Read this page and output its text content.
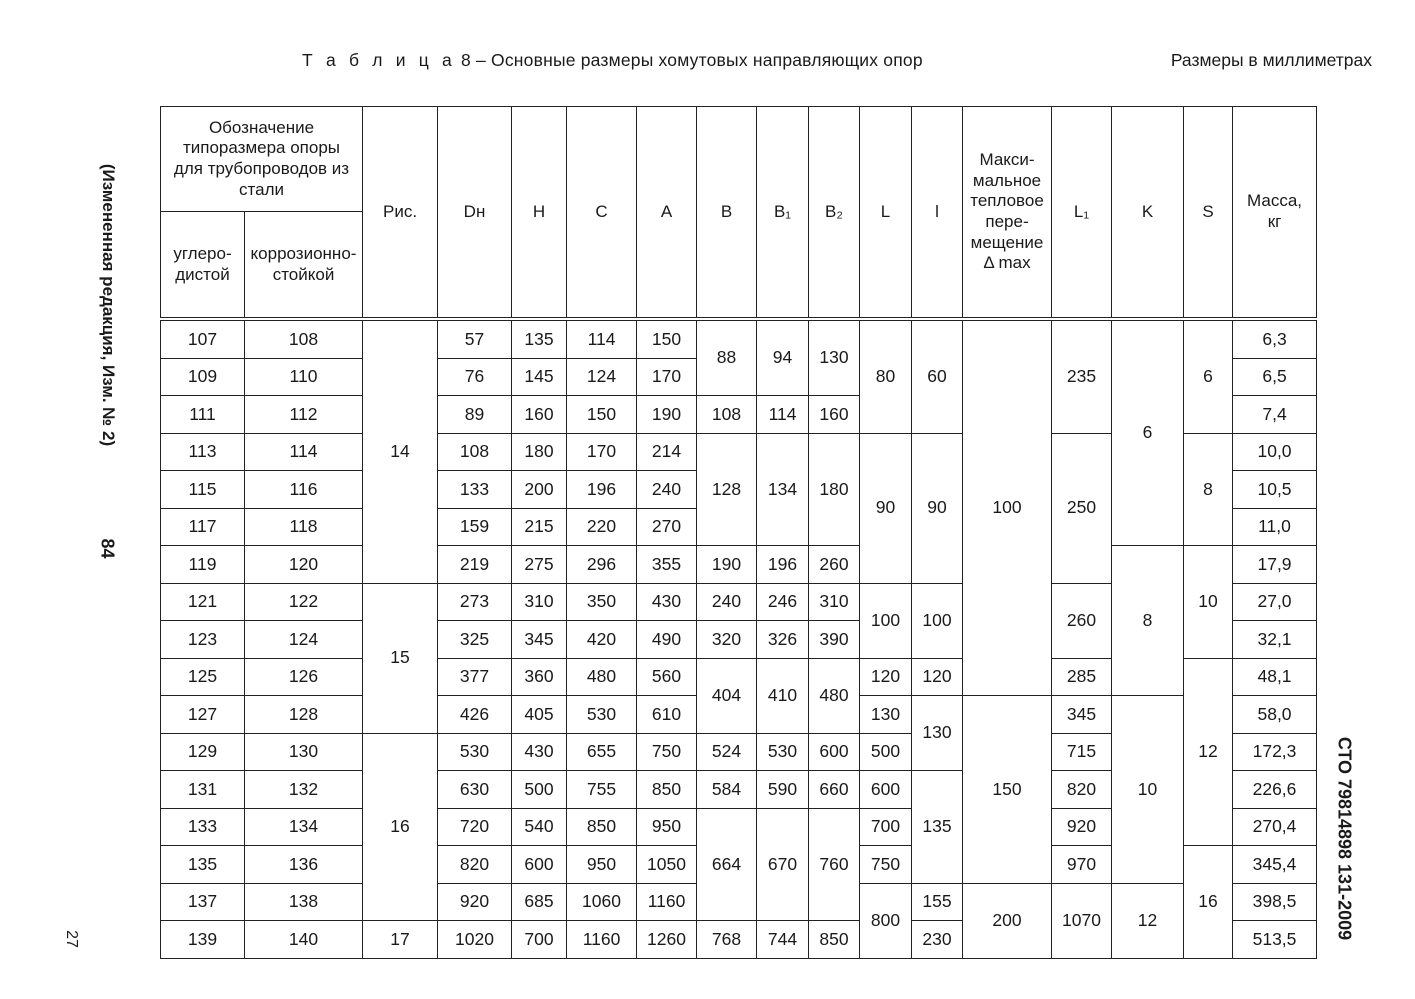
Т а б л и ц а 8 – Основные размеры хомутовых направляющих опор	Размеры в миллиметрах
(Измененная редакция, Изм. № 2)
84
27	СТО 79814898 131-2009
Обозначение типоразмера опоры для трубопроводов из стали		Рис.	Dн	H	C	A	B	B₁	B₂	L	l	Макси-мальное тепловое пере-мещение Δ max	L₁	K	S	Масса, кг
углеро-дистой	коррозионно-стойкой															

107	108	14	57	135	114	150	88	94	130	80	60	100	235	6	6	6,3
109	110		76	145	124	170										6,5
111	112		89	160	150	190	108	114	160							7,4
113	114		108	180	170	214	128	134	180	90	90		250		8	10,0
115	116		133	200	196	240										10,5
117	118		159	215	220	270										11,0
119	120		219	275	296	355	190	196	260					8	10	17,9
121	122	15	273	310	350	430	240	246	310	100	100		260			27,0
123	124		325	345	420	490	320	326	390							32,1
125	126		377	360	480	560	404	410	480	120	120		285		12	48,1
127	128		426	405	530	610				130	130	150	345	10		58,0
129	130	16	530	430	655	750	524	530	600	500			715			172,3
131	132		630	500	755	850	584	590	660	600	135		820			226,6
133	134		720	540	850	950	664	670	760	700			920			270,4
135	136		820	600	950	1050				750			970		16	345,4
137	138		920	685	1060	1160				800	155	200	1070	12		398,5
139	140	17	1020	700	1160	1260	768	744	850		230					513,5
